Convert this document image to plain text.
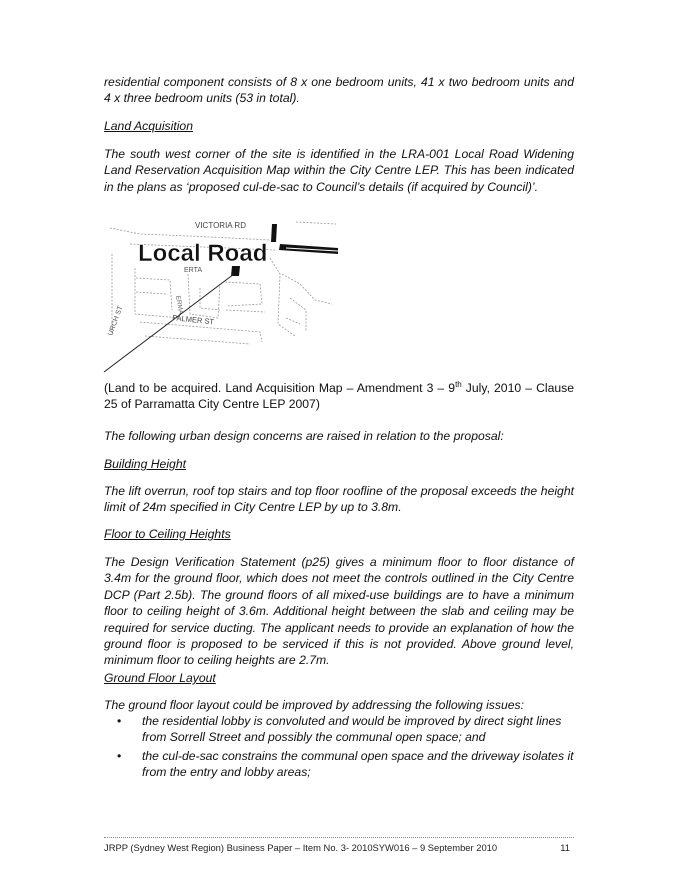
residential component consists of 8 x one bedroom units, 41 x two bedroom units and 4 x three bedroom units (53 in total).

Land Acquisition

The south west corner of the site is identified in the LRA-001 Local Road Widening Land Reservation Acquisition Map within the City Centre LEP. This has been indicated in the plans as ‘proposed cul-de-sac to Council’s details (if acquired by Council)’.

VICTORIA RD
ERTA
PALMER ST
URCH ST
ERMA
Local Road

(Land to be acquired. Land Acquisition Map – Amendment 3 – 9th July, 2010 – Clause 25 of Parramatta City Centre LEP 2007)

The following urban design concerns are raised in relation to the proposal:

Building Height

The lift overrun, roof top stairs and top floor roofline of the proposal exceeds the height limit of 24m specified in City Centre LEP by up to 3.8m.

Floor to Ceiling Heights

The Design Verification Statement (p25) gives a minimum floor to floor distance of 3.4m for the ground floor, which does not meet the controls outlined in the City Centre DCP (Part 2.5b). The ground floors of all mixed-use buildings are to have a minimum floor to ceiling height of 3.6m. Additional height between the slab and ceiling may be required for service ducting. The applicant needs to provide an explanation of how the ground floor is proposed to be serviced if this is not provided. Above ground level, minimum floor to ceiling heights are 2.7m.

Ground Floor Layout

The ground floor layout could be improved by addressing the following issues:

• the residential lobby is convoluted and would be improved by direct sight lines from Sorrell Street and possibly the communal open space; and
• the cul-de-sac constrains the communal open space and the driveway isolates it from the entry and lobby areas;
JRPP (Sydney West Region) Business Paper – Item No. 3- 2010SYW016 – 9 September 2010	11
